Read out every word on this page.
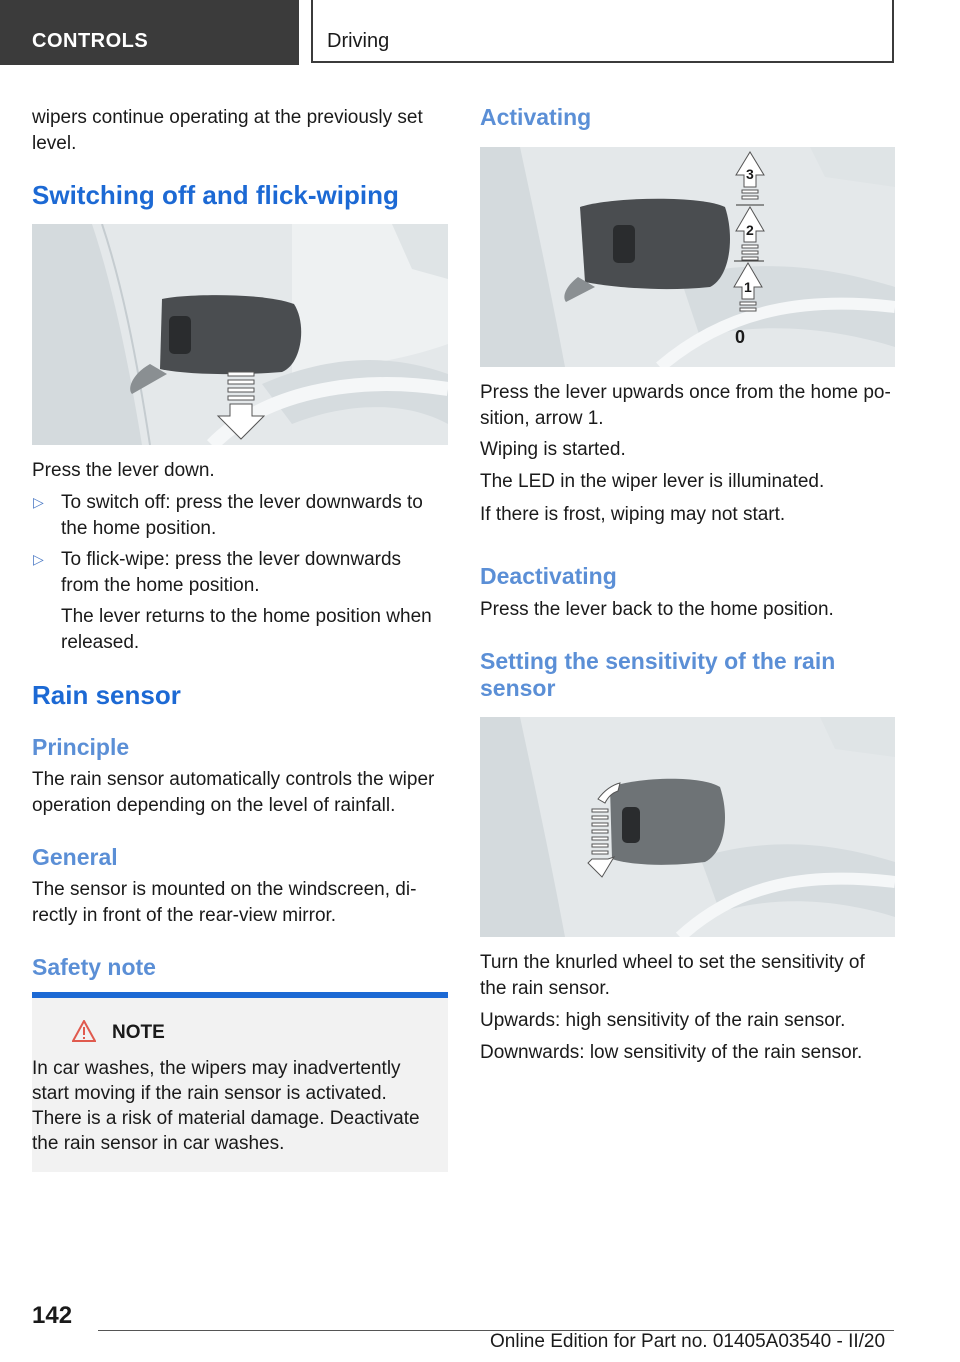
CONTROLS	Driving
wipers continue operating at the previously set
level.
Switching off and flick-wiping
Press the lever down.
▷ To switch off: press the lever downwards to
the home position.
▷ To flick-wipe: press the lever downwards
from the home position.
The lever returns to the home position when
released.
Rain sensor
Principle
The rain sensor automatically controls the wiper
operation depending on the level of rainfall.
General
The sensor is mounted on the windscreen, di-
rectly in front of the rear-view mirror.
Safety note
NOTE
In car washes, the wipers may inadvertently
start moving if the rain sensor is activated.
There is a risk of material damage. Deactivate
the rain sensor in car washes.
Activating
3
2
1
0
Press the lever upwards once from the home po-
sition, arrow 1.
Wiping is started.
The LED in the wiper lever is illuminated.
If there is frost, wiping may not start.
Deactivating
Press the lever back to the home position.
Setting the sensitivity of the rain
sensor
Turn the knurled wheel to set the sensitivity of
the rain sensor.
Upwards: high sensitivity of the rain sensor.
Downwards: low sensitivity of the rain sensor.
142
Online Edition for Part no. 01405A03540 - II/20
